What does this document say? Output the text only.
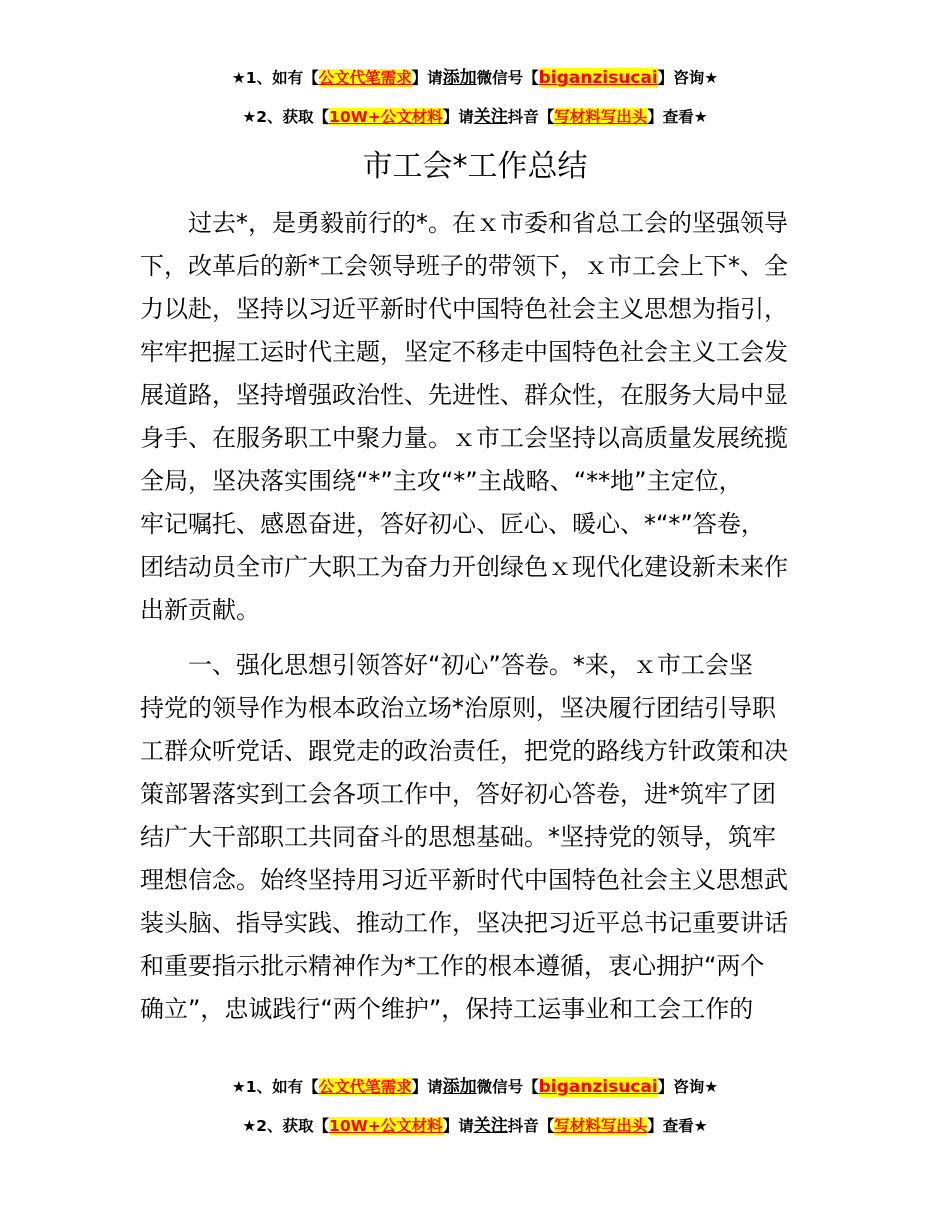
★1、如有【公文代笔需求】请添加微信号【biganzisucai】咨询★
★2、获取【10W+公文材料】请关注抖音【写材料写出头】查看★
市工会*工作总结
过去*，是勇毅前行的*。在ｘ市委和省总工会的坚强领导
下，改革后的新*工会领导班子的带领下，ｘ市工会上下*、全
力以赴，坚持以习近平新时代中国特色社会主义思想为指引，
牢牢把握工运时代主题，坚定不移走中国特色社会主义工会发
展道路，坚持增强政治性、先进性、群众性，在服务大局中显
身手、在服务职工中聚力量。ｘ市工会坚持以高质量发展统揽
全局，坚决落实围绕“*”主攻“*”主战略、“**地”主定位，
牢记嘱托、感恩奋进，答好初心、匠心、暖心、*“*”答卷，
团结动员全市广大职工为奋力开创绿色ｘ现代化建设新未来作
出新贡献。
一、强化思想引领答好“初心”答卷。*来，ｘ市工会坚
持党的领导作为根本政治立场*治原则，坚决履行团结引导职
工群众听党话、跟党走的政治责任，把党的路线方针政策和决
策部署落实到工会各项工作中，答好初心答卷，进*筑牢了团
结广大干部职工共同奋斗的思想基础。*坚持党的领导，筑牢
理想信念。始终坚持用习近平新时代中国特色社会主义思想武
装头脑、指导实践、推动工作，坚决把习近平总书记重要讲话
和重要指示批示精神作为*工作的根本遵循，衷心拥护“两个
确立”，忠诚践行“两个维护”，保持工运事业和工会工作的
★1、如有【公文代笔需求】请添加微信号【biganzisucai】咨询★
★2、获取【10W+公文材料】请关注抖音【写材料写出头】查看★
